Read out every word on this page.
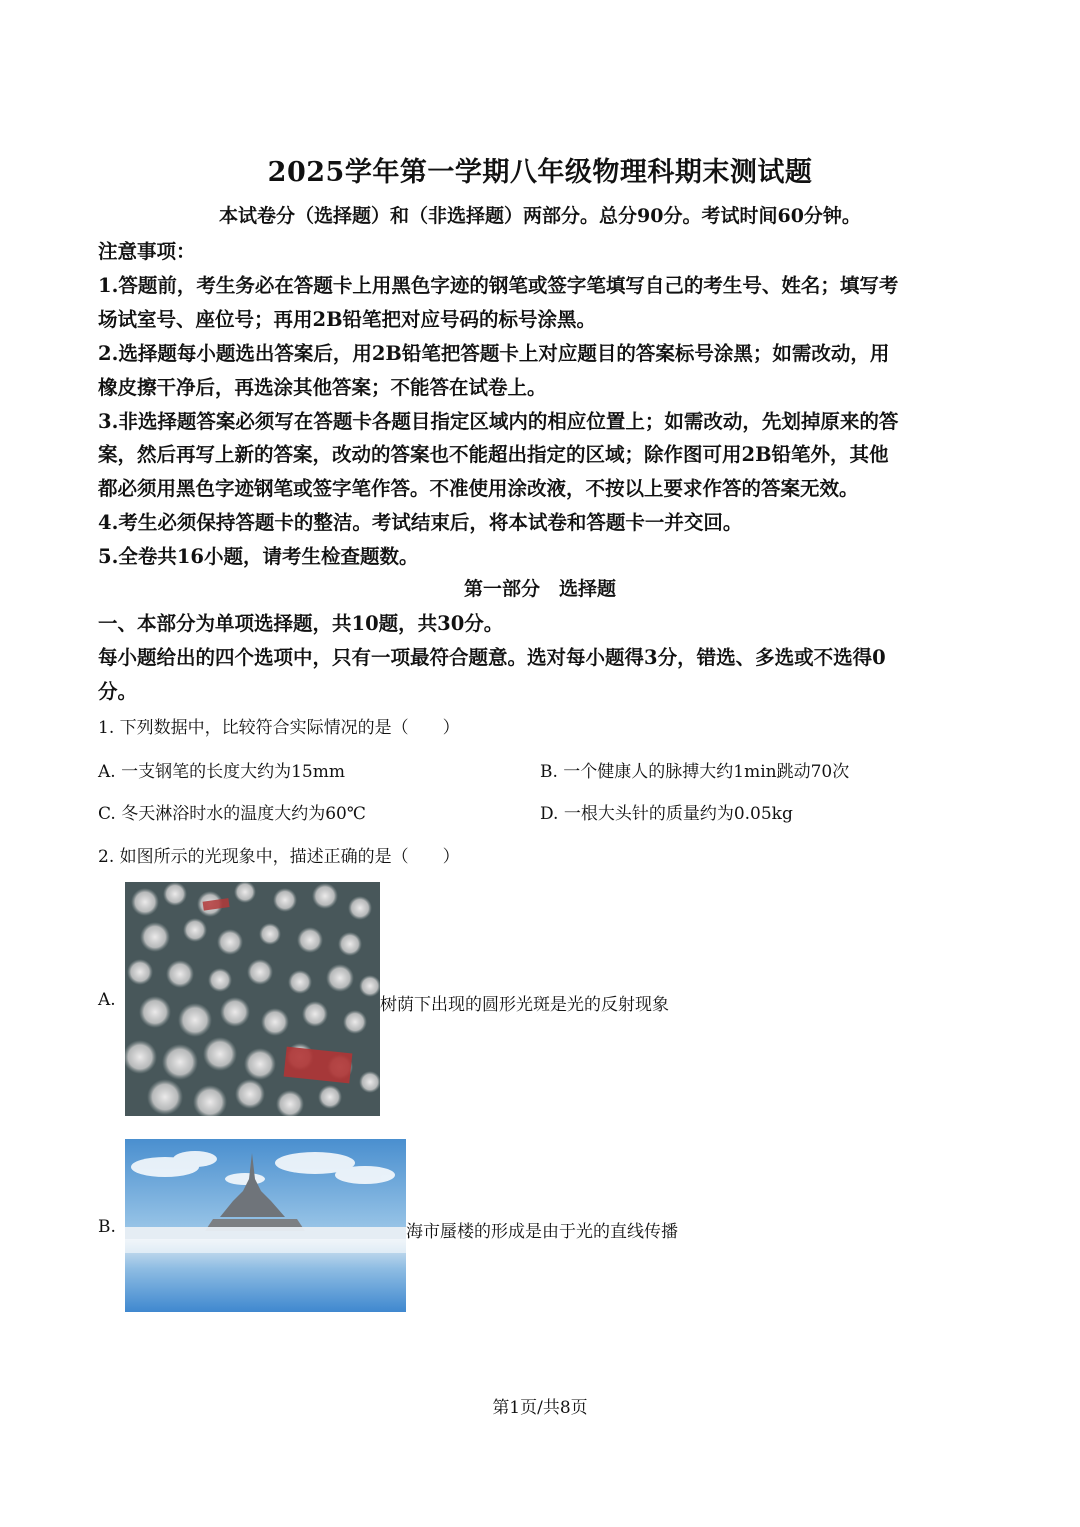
2025学年第一学期八年级物理科期末测试题
本试卷分（选择题）和（非选择题）两部分。总分90分。考试时间60分钟。
注意事项：
1.答题前，考生务必在答题卡上用黑色字迹的钢笔或签字笔填写自己的考生号、姓名；填写考
场试室号、座位号；再用2B铅笔把对应号码的标号涂黑。
2.选择题每小题选出答案后，用2B铅笔把答题卡上对应题目的答案标号涂黑；如需改动，用
橡皮擦干净后，再选涂其他答案；不能答在试卷上。
3.非选择题答案必须写在答题卡各题目指定区域内的相应位置上；如需改动，先划掉原来的答
案，然后再写上新的答案，改动的答案也不能超出指定的区域；除作图可用2B铅笔外，其他
都必须用黑色字迹钢笔或签字笔作答。不准使用涂改液，不按以上要求作答的答案无效。
4.考生必须保持答题卡的整洁。考试结束后，将本试卷和答题卡一并交回。
5.全卷共16小题，请考生检查题数。
第一部分　选择题
一、本部分为单项选择题，共10题，共30分。
每小题给出的四个选项中，只有一项最符合题意。选对每小题得3分，错选、多选或不选得0
分。
1. 下列数据中，比较符合实际情况的是（　　）
A. 一支钢笔的长度大约为15mm	B. 一个健康人的脉搏大约1min跳动70次
C. 冬天淋浴时水的温度大约为60℃	D. 一根大头针的质量约为0.05kg
2. 如图所示的光现象中，描述正确的是（　　）
A.	树荫下出现的圆形光斑是光的反射现象
B.	海市蜃楼的形成是由于光的直线传播
第1页/共8页
